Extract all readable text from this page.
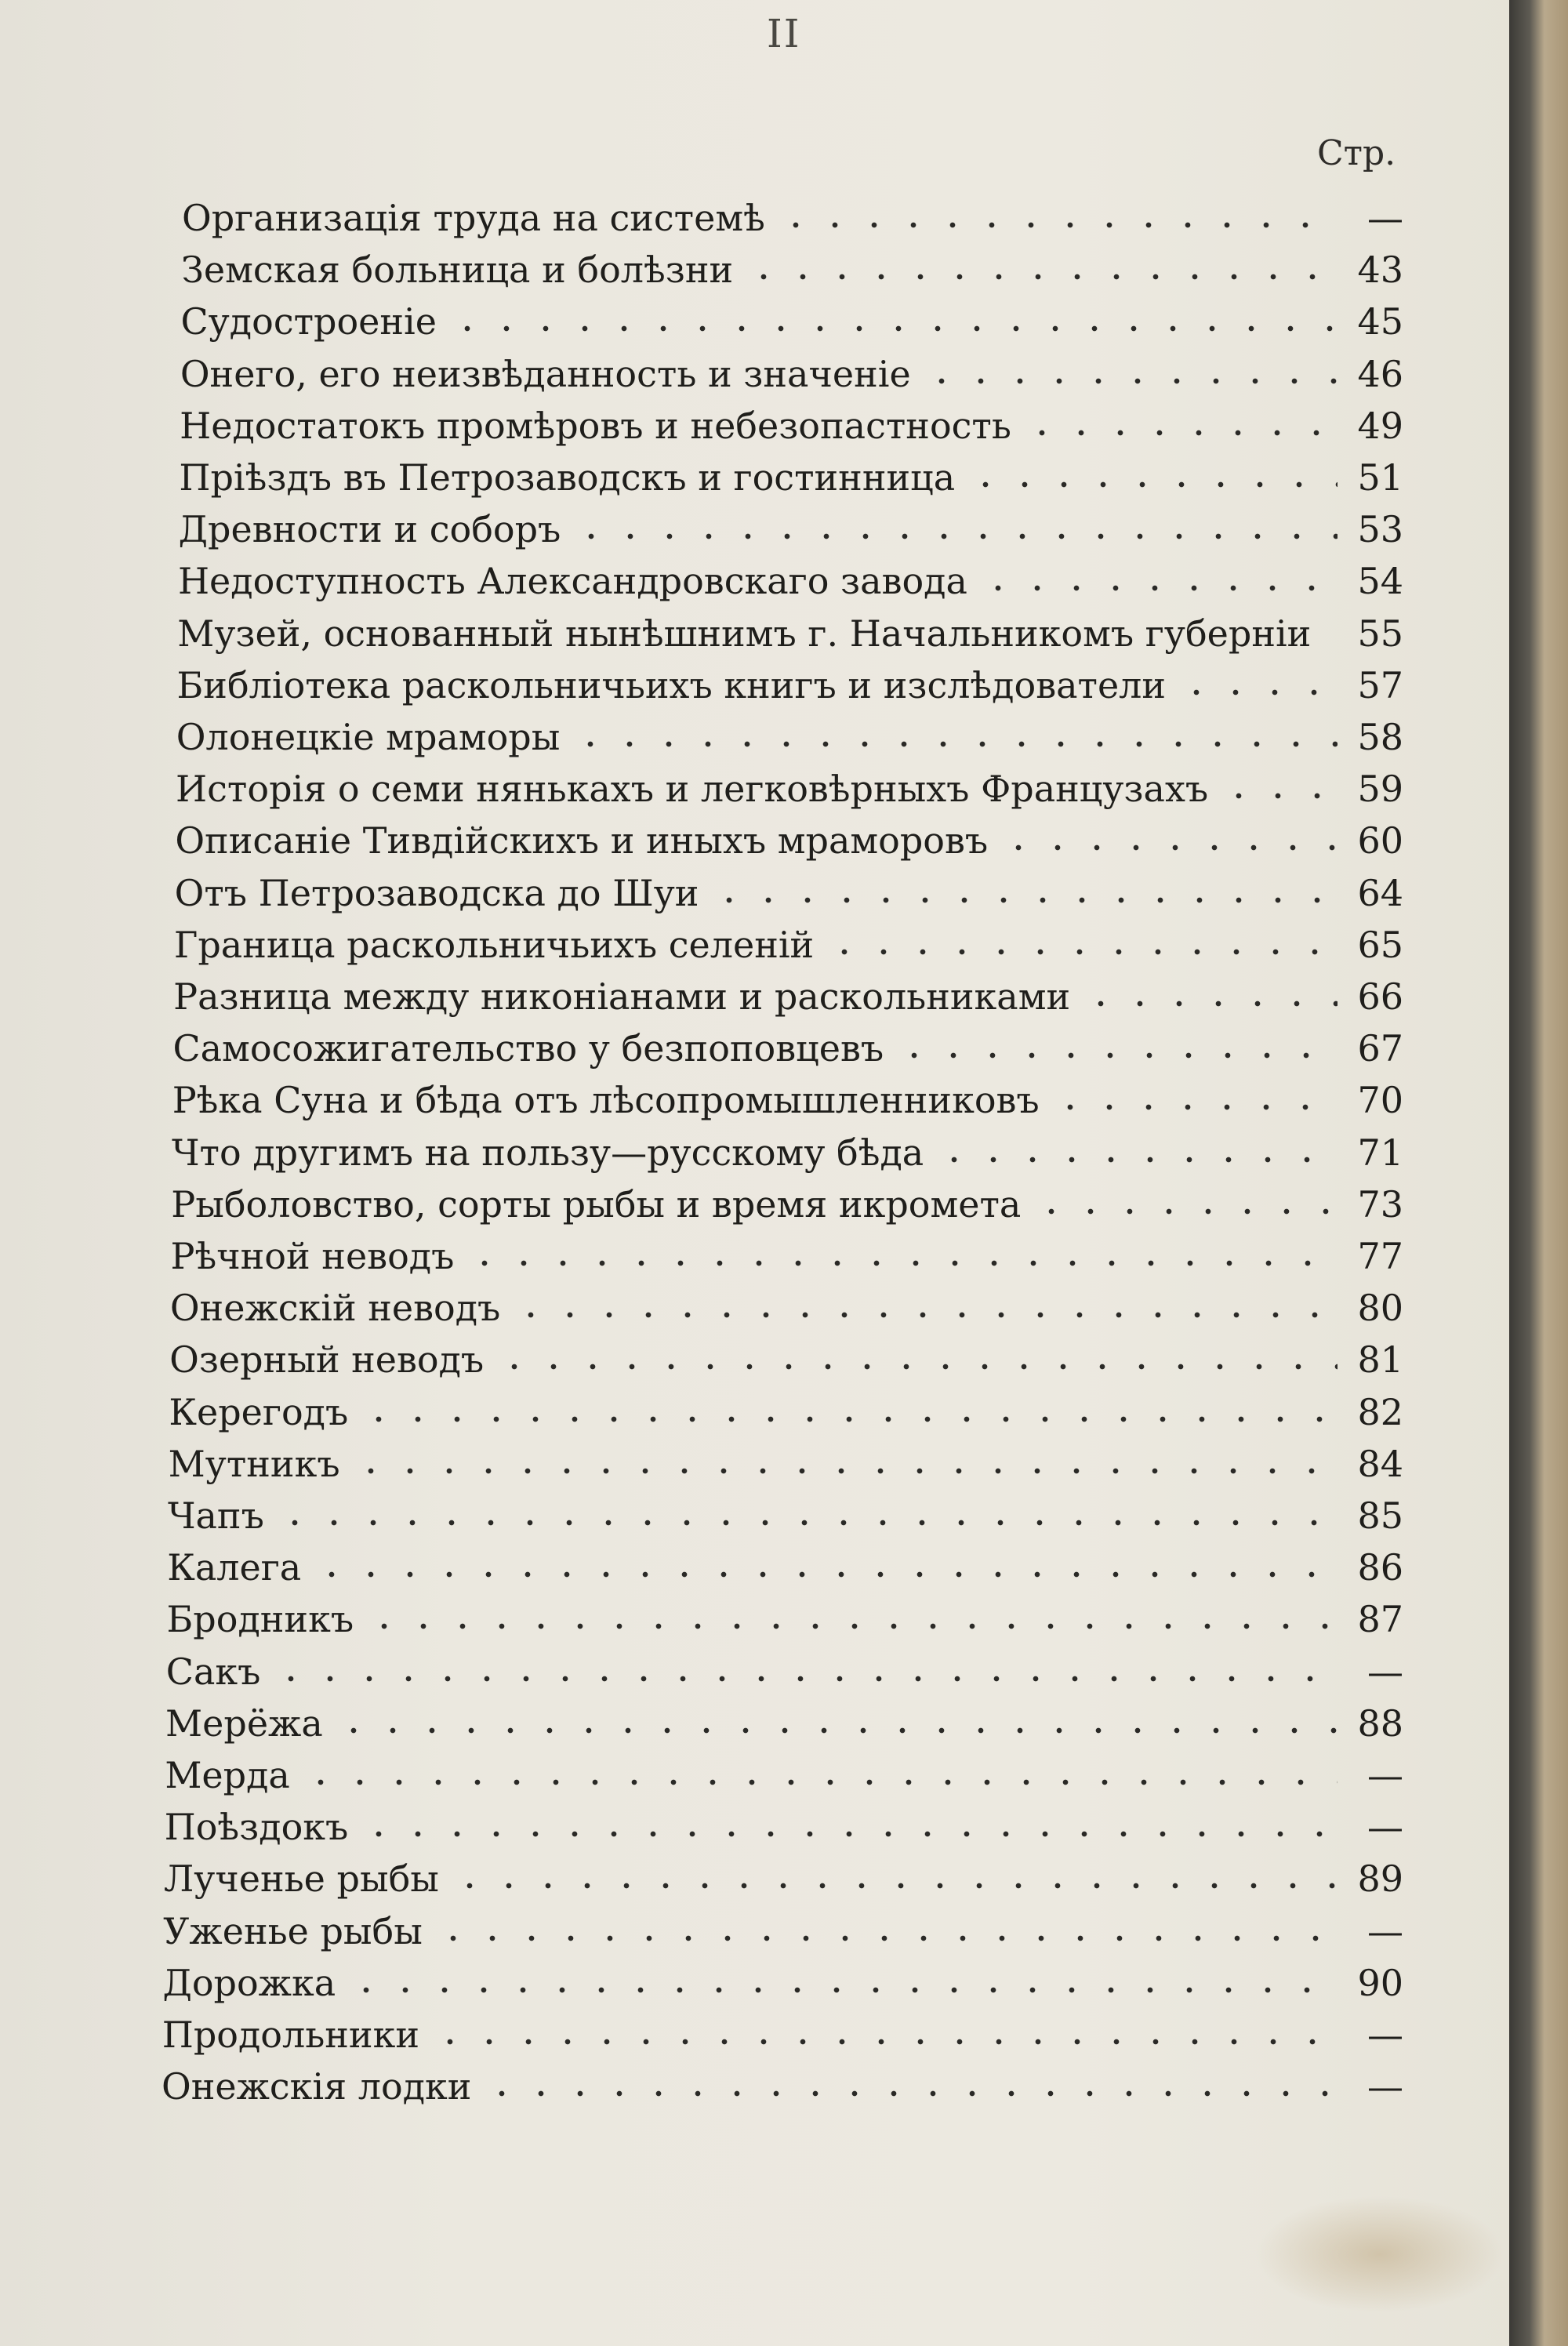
II
Стр.
Организація труда на системѣ	—
Земская больница и болѣзни	43
Судостроеніе	45
Онего, его неизвѣданность и значеніе	46
Недостатокъ промѣровъ и небезопастность	49
Пріѣздъ въ Петрозаводскъ и гостинница	51
Древности и соборъ	53
Недоступность Александровскаго завода	54
Музей, основанный нынѣшнимъ г. Начальникомъ губерніи 55
Библіотека раскольничьихъ книгъ и изслѣдователи	57
Олонецкіе мраморы	58
Исторія о семи нянькахъ и легковѣрныхъ Французахъ	59
Описаніе Тивдійскихъ и иныхъ мраморовъ	60
Отъ Петрозаводска до Шуи	64
Граница раскольничьихъ селеній	65
Разница между никоніанами и раскольниками	66
Самосожигательство у безпоповцевъ	67
Рѣка Суна и бѣда отъ лѣсопромышленниковъ	70
Что другимъ на пользу—русскому бѣда	71
Рыболовство, сорты рыбы и время икромета	73
Рѣчной неводъ	77
Онежскій неводъ	80
Озерный неводъ	81
Керегодъ	82
Мутникъ	84
Чапъ	85
Калега	86
Бродникъ	87
Сакъ	—
Мерёжа	88
Мерда	—
Поѣздокъ	—
Лученье рыбы	89
Уженье рыбы	—
Дорожка	90
Продольники	—
Онежскія лодки	—
